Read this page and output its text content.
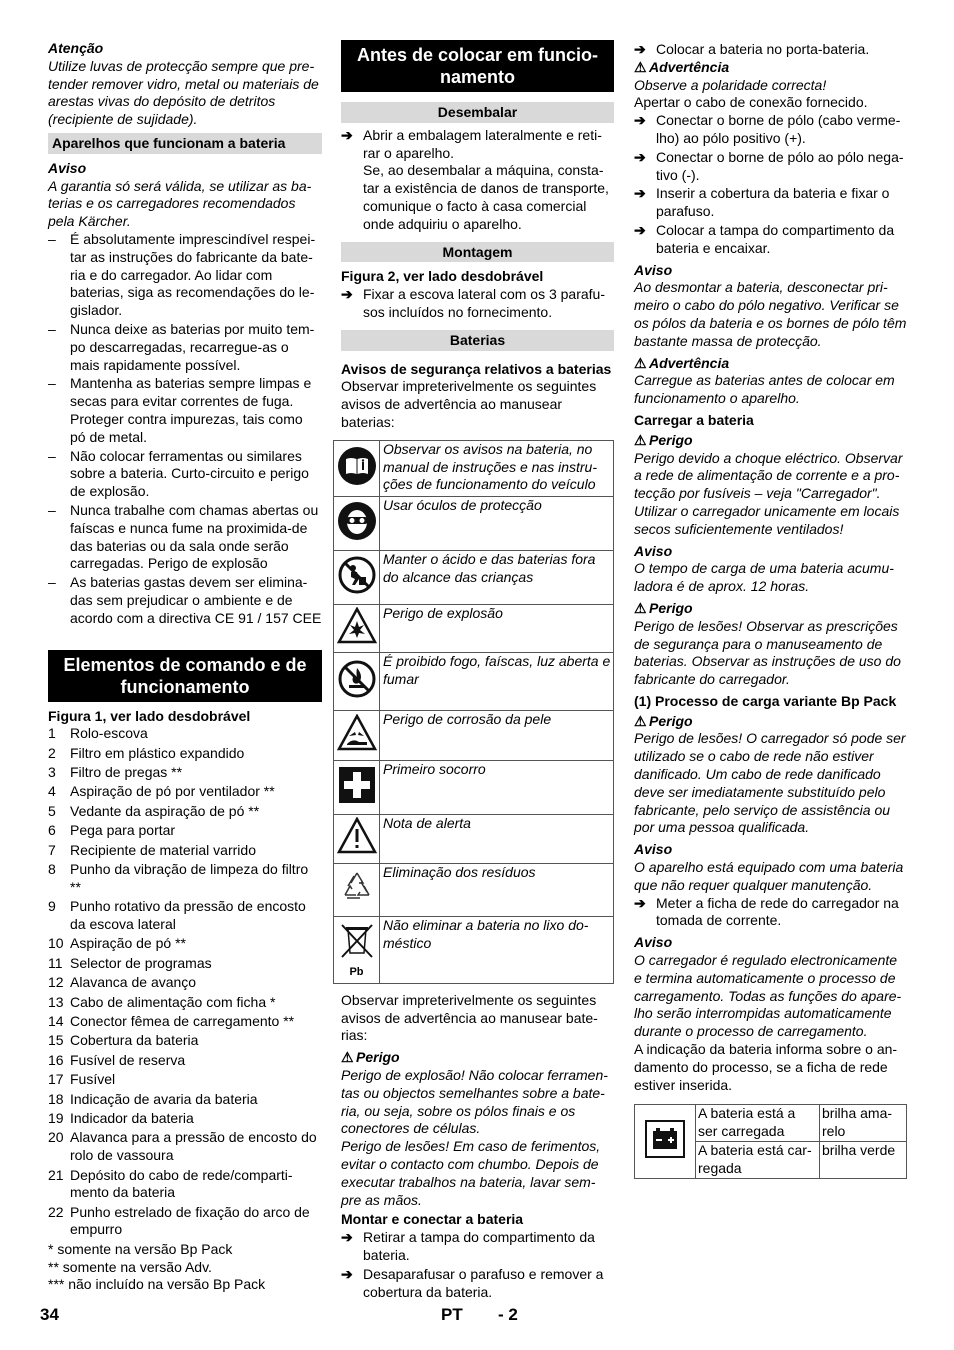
Atenção

Utilize luvas de protecção sempre que pre-tender remover vidro, metal ou materiais de arestas vivas do depósito de detritos (recipiente de sujidade).

Aparelhos que funcionam a bateria

Aviso

A garantia só será válida, se utilizar as ba-terias e os carregadores recomendados pela Kärcher.

– É absolutamente imprescindível respei-tar as instruções do fabricante da bate-ria e do carregador. Ao lidar com baterias, siga as recomendações do le-gislador.
– Nunca deixe as baterias por muito tem-po descarregadas, recarregue-as o mais rapidamente possível.
– Mantenha as baterias sempre limpas e secas para evitar correntes de fuga. Proteger contra impurezas, tais como pó de metal.
– Não colocar ferramentas ou similares sobre a bateria. Curto-circuito e perigo de explosão.
– Nunca trabalhe com chamas abertas ou faíscas e nunca fume na proximida-de das baterias ou da sala onde serão carregadas. Perigo de explosão
– As baterias gastas devem ser elimina-das sem prejudicar o ambiente e de acordo com a directiva CE 91 / 157 CEE
Elementos de comando e de funcionamento

Figura 1, ver lado desdobrável

1 Rolo-escova
2 Filtro em plástico expandido
3 Filtro de pregas **
4 Aspiração de pó por ventilador **
5 Vedante da aspiração de pó **
6 Pega para portar
7 Recipiente de material varrido
8 Punho da vibração de limpeza do filtro **
9 Punho rotativo da pressão de encosto da escova lateral
10 Aspiração de pó **
11 Selector de programas
12 Alavanca de avanço
13 Cabo de alimentação com ficha *
14 Conector fêmea de carregamento **
15 Cobertura da bateria
16 Fusível de reserva
17 Fusível
18 Indicação de avaria da bateria
19 Indicador da bateria
20 Alavanca para a pressão de encosto do rolo de vassoura
21 Depósito do cabo de rede/comparti-mento da bateria
22 Punho estrelado de fixação do arco de empurro

* somente na versão Bp Pack

** somente na versão Adv.

*** não incluído na versão Bp Pack

Antes de colocar em funcio-namento
Desembalar
➔ Abrir a embalagem lateralmente e reti-rar o aparelho.

Se, ao desembalar a máquina, consta-tar a existência de danos de transporte, comunique o facto à casa comercial onde adquiriu o aparelho.

Montagem

Figura 2, ver lado desdobrável

➔ Fixar a escova lateral com os 3 parafu-sos incluídos no fornecimento.
Baterias

Avisos de segurança relativos a baterias

Observar impreterivelmente os seguintes avisos de advertência ao manusear baterias:

	Observar os avisos na bateria, no manual de instruções e nas instru-ções de funcionamento do veículo
	Usar óculos de protecção
	Manter o ácido e das baterias fora do alcance das crianças
	Perigo de explosão
	É proibido fogo, faíscas, luz aberta e fumar
	Perigo de corrosão da pele
	Primeiro socorro
	Nota de alerta
	Eliminação dos resíduos

Pb	Não eliminar a bateria no lixo do-méstico

Observar impreterivelmente os seguintes avisos de advertência ao manusear bate-rias:

⚠ Perigo

Perigo de explosão! Não colocar ferramen-tas ou objectos semelhantes sobre a bate-ria, ou seja, sobre os pólos finais e os conectores de células.

Perigo de lesões! Em caso de ferimentos, evitar o contacto com chumbo. Depois de executar trabalhos na bateria, lavar sem-pre as mãos.

Montar e conectar a bateria

➔ Retirar a tampa do compartimento da bateria.
➔ Desaparafusar o parafuso e remover a cobertura da bateria.
➔ Colocar a bateria no porta-bateria.

⚠ Advertência

Observe a polaridade correcta!

Apertar o cabo de conexão fornecido.

➔ Conectar o borne de pólo (cabo verme-lho) ao pólo positivo (+).
➔ Conectar o borne de pólo ao pólo nega-tivo (-).
➔ Inserir a cobertura da bateria e fixar o parafuso.
➔ Colocar a tampa do compartimento da bateria e encaixar.

Aviso

Ao desmontar a bateria, desconectar pri-meiro o cabo do pólo negativo. Verificar se os pólos da bateria e os bornes de pólo têm bastante massa de protecção.

⚠ Advertência

Carregue as baterias antes de colocar em funcionamento o aparelho.

Carregar a bateria

⚠ Perigo

Perigo devido a choque eléctrico. Observar a rede de alimentação de corrente e a pro-tecção por fusíveis – veja "Carregador". Utilizar o carregador unicamente em locais secos suficientemente ventilados!

Aviso

O tempo de carga de uma bateria acumu-ladora é de aprox. 12 horas.

⚠ Perigo

Perigo de lesões! Observar as prescrições de segurança para o manuseamento de baterias. Observar as instruções de uso do fabricante do carregador.

(1) Processo de carga variante Bp Pack

⚠ Perigo

Perigo de lesões! O carregador só pode ser utilizado se o cabo de rede não estiver danificado. Um cabo de rede danificado deve ser imediatamente substituído pelo fabricante, pelo serviço de assistência ou por uma pessoa qualificada.

Aviso

O aparelho está equipado com uma bateria que não requer qualquer manutenção.

➔ Meter a ficha de rede do carregador na tomada de corrente.

Aviso

O carregador é regulado electronicamente e termina automaticamente o processo de carregamento. Todas as funções do apare-lho serão interrompidas automaticamente durante o processo de carregamento.

A indicação da bateria informa sobre o an-damento do processo, se a ficha de rede estiver inserida.

	A bateria está a ser carregada	brilha ama-relo
	A bateria está car-regada	brilha verde
34	PT - 2
